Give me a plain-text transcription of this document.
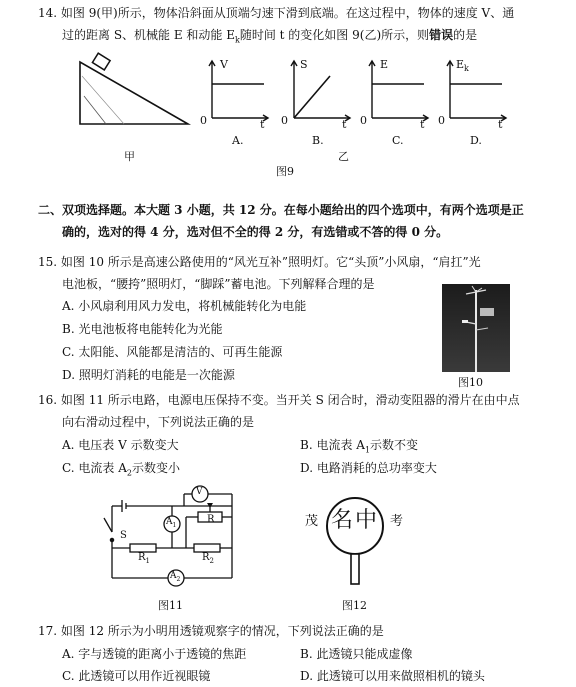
14. 如图 9(甲)所示，物体沿斜面从顶端匀速下滑到底端。在这过程中，物体的速度 V、通
过的距离 S、机械能 E 和动能 $E_k$随时间 t 的变化如图 9(乙)所示，则错误的是
甲
V
0	t
A.
S
0	t
B.
E
0	t
C.
$E_k$
0	t
D.
乙
图9
二、双项选择题。本大题 3 小题，共 12 分。在每小题给出的四个选项中，有两个选项是正
确的，选对的得 4 分，选对但不全的得 2 分，有选错或不答的得 0 分。
15. 如图 10 所示是高速公路使用的“风光互补”照明灯。它“头顶”小风扇，“肩扛”光
电池板，“腰挎”照明灯，“脚踩”蓄电池。下列解释合理的是
A. 小风扇利用风力发电，将机械能转化为电能
B. 光电池板将电能转化为光能
C. 太阳能、风能都是清洁的、可再生能源
D. 照明灯消耗的电能是一次能源
图10
16. 如图 11 所示电路，电源电压保持不变。当开关 S 闭合时，滑动变阻器的滑片在由中点
向右滑动过程中，下列说法正确的是
A. 电压表 V 示数变大	B. 电流表 $A_1$示数不变
C. 电流表 $A_2$示数变小	D. 电路消耗的总功率变大
V
$A_1$
$A_2$
R
$R_1$	$R_2$
S
图11
茂 名中 考
图12
17. 如图 12 所示为小明用透镜观察字的情况，下列说法正确的是
A. 字与透镜的距离小于透镜的焦距	B. 此透镜只能成虚像
C. 此透镜可以用作近视眼镜	D. 此透镜可以用来做照相机的镜头
